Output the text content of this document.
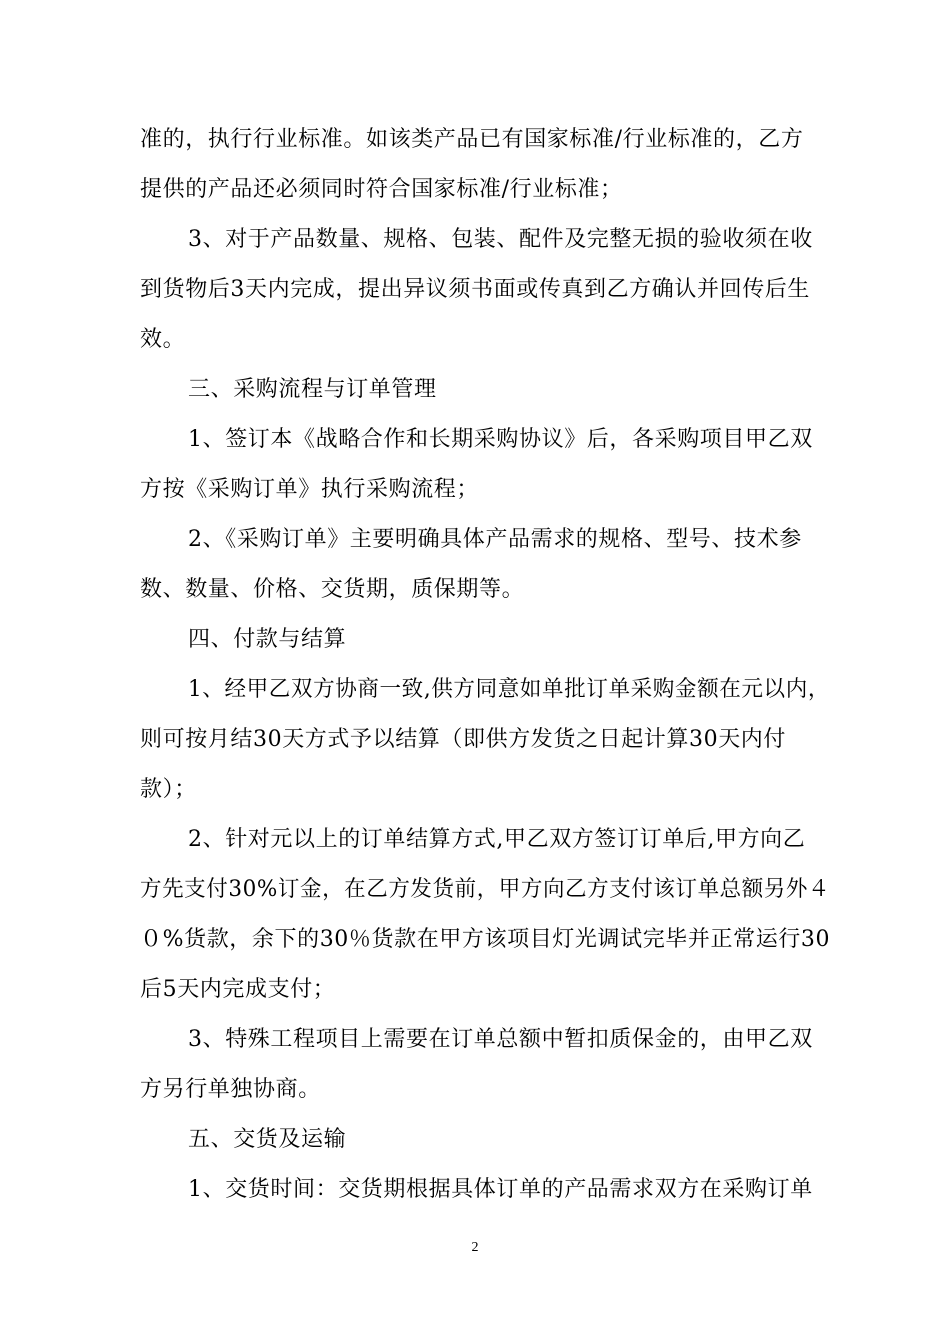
准的，执行行业标准。如该类产品已有国家标准/行业标准的，乙方
提供的产品还必须同时符合国家标准/行业标准；
3、对于产品数量、规格、包装、配件及完整无损的验收须在收
到货物后3天内完成，提出异议须书面或传真到乙方确认并回传后生
效。
三、采购流程与订单管理
1、签订本《战略合作和长期采购协议》后，各采购项目甲乙双
方按《采购订单》执行采购流程；
2、《采购订单》主要明确具体产品需求的规格、型号、技术参
数、数量、价格、交货期，质保期等。
四、付款与结算
1、经甲乙双方协商一致,供方同意如单批订单采购金额在元以内，
则可按月结30天方式予以结算（即供方发货之日起计算30天内付
款）；
2、针对元以上的订单结算方式,甲乙双方签订订单后,甲方向乙
方先支付30%订金，在乙方发货前，甲方向乙方支付该订单总额另外４
０%货款，余下的30％货款在甲方该项目灯光调试完毕并正常运行30
后5天内完成支付；
3、特殊工程项目上需要在订单总额中暂扣质保金的，由甲乙双
方另行单独协商。
五、交货及运输
1、交货时间：交货期根据具体订单的产品需求双方在采购订单
2
